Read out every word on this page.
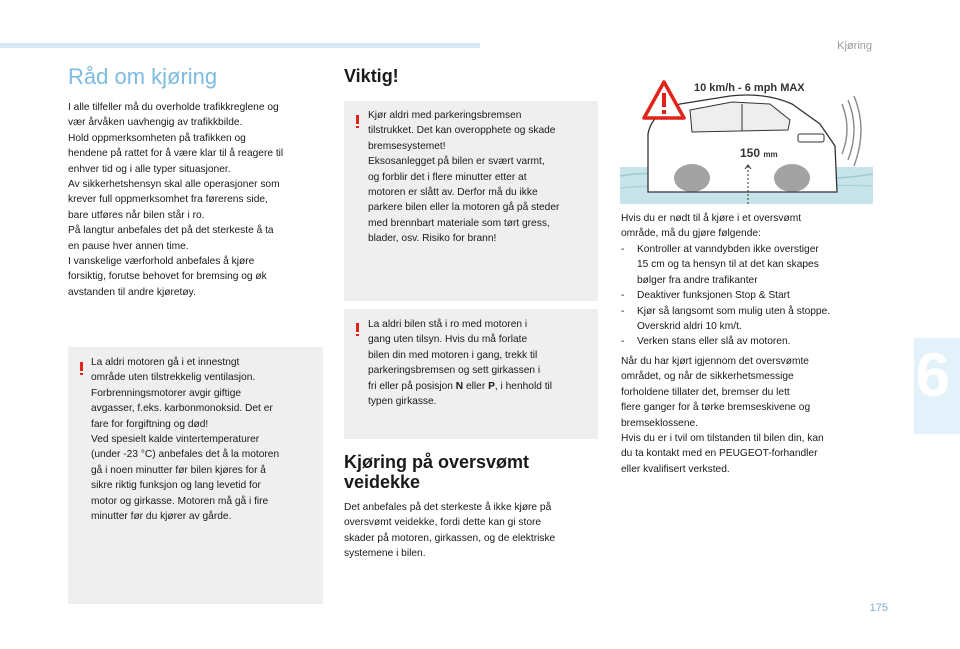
Kjøring
6
175
Råd om kjøring

I alle tilfeller må du overholde trafikkreglene og
vær årvåken uavhengig av trafikkbilde.
Hold oppmerksomheten på trafikken og
hendene på rattet for å være klar til å reagere til
enhver tid og i alle typer situasjoner.
Av sikkerhetshensyn skal alle operasjoner som
krever full oppmerksomhet fra førerens side,
bare utføres når bilen står i ro.
På langtur anbefales det på det sterkeste å ta
en pause hver annen time.
I vanskelige værforhold anbefales å kjøre
forsiktig, forutse behovet for bremsing og øk
avstanden til andre kjøretøy.

La aldri motoren gå i et innestngt
område uten tilstrekkelig ventilasjon.
Forbrenningsmotorer avgir giftige
avgasser, f.eks. karbonmonoksid. Det er
fare for forgiftning og død!
Ved spesielt kalde vintertemperaturer
(under -23 °C) anbefales det å la motoren
gå i noen minutter før bilen kjøres for å
sikre riktig funksjon og lang levetid for
motor og girkasse. Motoren må gå i fire
minutter før du kjører av gårde.

Viktig!

Kjør aldri med parkeringsbremsen
tilstrukket. Det kan overopphete og skade
bremsesystemet!
Eksosanlegget på bilen er svært varmt,
og forblir det i flere minutter etter at
motoren er slått av. Derfor må du ikke
parkere bilen eller la motoren gå på steder
med brennbart materiale som tørt gress,
blader, osv. Risiko for brann!

La aldri bilen stå i ro med motoren i
gang uten tilsyn. Hvis du må forlate
bilen din med motoren i gang, trekk til
parkeringsbremsen og sett girkassen i
fri eller på posisjon N eller P, i henhold til
typen girkasse.

Kjøring på oversvømt veidekke

Det anbefales på det sterkeste å ikke kjøre på
oversvømt veidekke, fordi dette kan gi store
skader på motoren, girkassen, og de elektriske
systemene i bilen.

10 km/h - 6 mph MAX
150 mm

Hvis du er nødt til å kjøre i et oversvømt
område, må du gjøre følgende:

- Kontroller at vanndybden ikke overstiger
15 cm og ta hensyn til at det kan skapes
bølger fra andre trafikanter
- Deaktiver funksjonen Stop & Start
- Kjør så langsomt som mulig uten å stoppe.
Overskrid aldri 10 km/t.
- Verken stans eller slå av motoren.

Når du har kjørt igjennom det oversvømte
området, og når de sikkerhetsmessige
forholdene tillater det, bremser du lett
flere ganger for å tørke bremseskivene og
bremseklossene.
Hvis du er i tvil om tilstanden til bilen din, kan
du ta kontakt med en PEUGEOT-forhandler
eller kvalifisert verksted.
